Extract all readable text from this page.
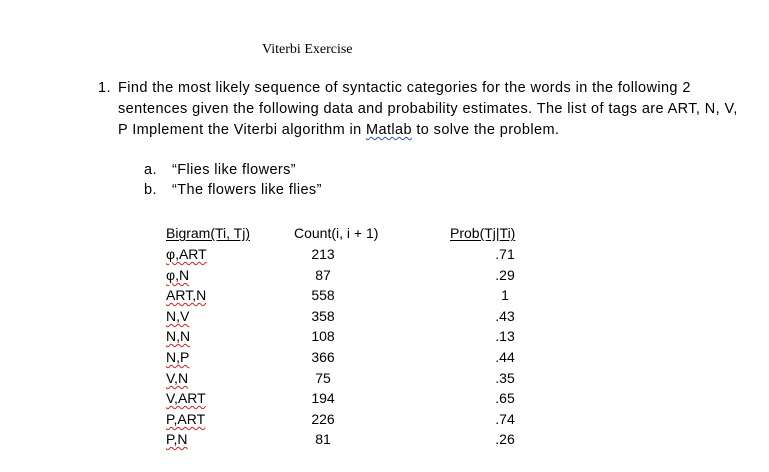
Viterbi Exercise
1. Find the most likely sequence of syntactic categories for the words in the following 2 sentences given the following data and probability estimates. The list of tags are ART, N, V, P Implement the Viterbi algorithm in Matlab to solve the problem.
a. “Flies like flowers”
b. “The flowers like flies”
Bigram(Ti, Tj)	Count(i, i + 1)	Prob(Tj|Ti)
φ,ART	213	.71
φ,N	87	.29
ART,N	558	1
N,V	358	.43
N,N	108	.13
N,P	366	.44
V,N	75	.35
V,ART	194	.65
P,ART	226	.74
P,N	81	.26
